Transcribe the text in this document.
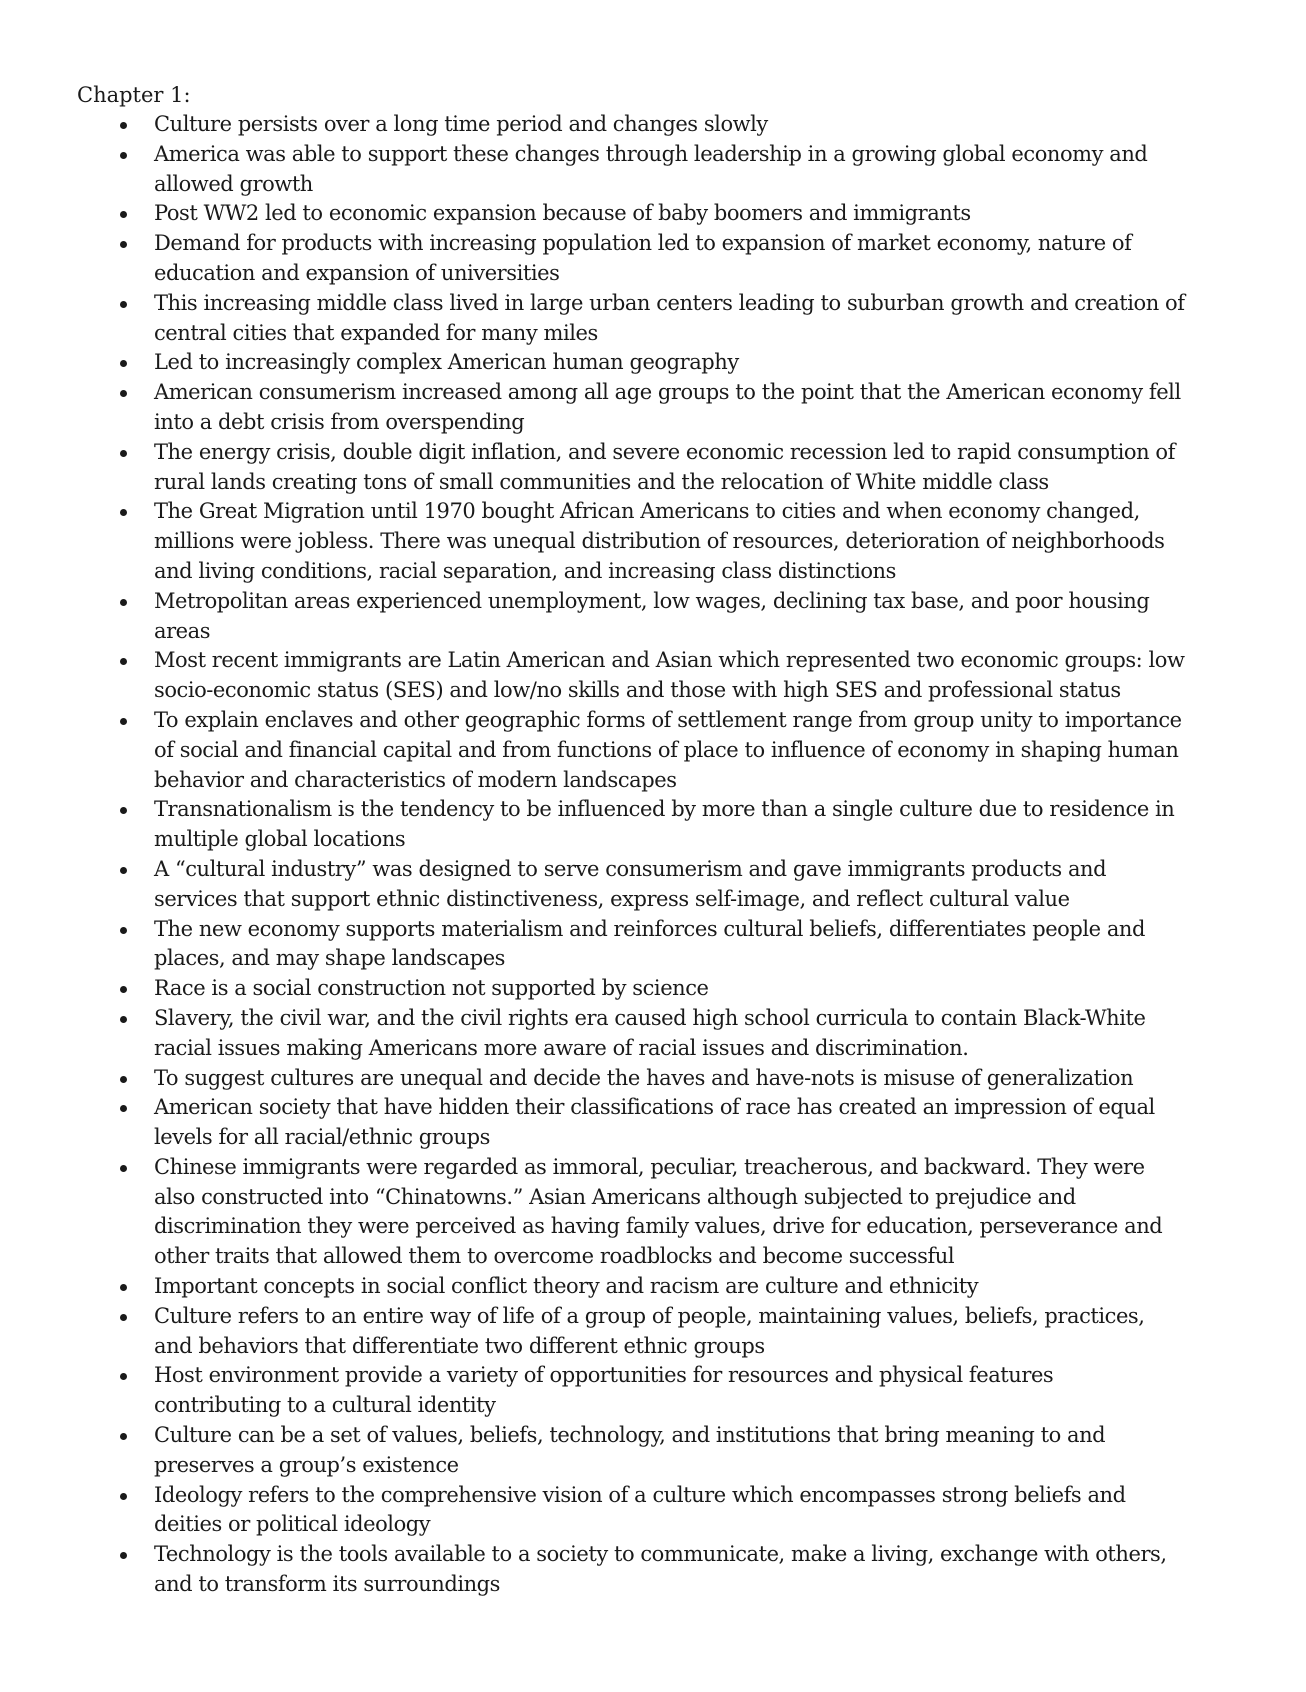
Chapter 1:
Culture persists over a long time period and changes slowly
America was able to support these changes through leadership in a growing global economy and allowed growth
Post WW2 led to economic expansion because of baby boomers and immigrants
Demand for products with increasing population led to expansion of market economy, nature of education and expansion of universities
This increasing middle class lived in large urban centers leading to suburban growth and creation of central cities that expanded for many miles
Led to increasingly complex American human geography
American consumerism increased among all age groups to the point that the American economy fell into a debt crisis from overspending
The energy crisis, double digit inflation, and severe economic recession led to rapid consumption of rural lands creating tons of small communities and the relocation of White middle class
The Great Migration until 1970 bought African Americans to cities and when economy changed, millions were jobless. There was unequal distribution of resources, deterioration of neighborhoods and living conditions, racial separation, and increasing class distinctions
Metropolitan areas experienced unemployment, low wages, declining tax base, and poor housing areas
Most recent immigrants are Latin American and Asian which represented two economic groups: low socio-economic status (SES) and low/no skills and those with high SES and professional status
To explain enclaves and other geographic forms of settlement range from group unity to importance of social and financial capital and from functions of place to influence of economy in shaping human behavior and characteristics of modern landscapes
Transnationalism is the tendency to be influenced by more than a single culture due to residence in multiple global locations
A “cultural industry” was designed to serve consumerism and gave immigrants products and services that support ethnic distinctiveness, express self-image, and reflect cultural value
The new economy supports materialism and reinforces cultural beliefs, differentiates people and places, and may shape landscapes
Race is a social construction not supported by science
Slavery, the civil war, and the civil rights era caused high school curricula to contain Black-White racial issues making Americans more aware of racial issues and discrimination.
To suggest cultures are unequal and decide the haves and have-nots is misuse of generalization
American society that have hidden their classifications of race has created an impression of equal levels for all racial/ethnic groups
Chinese immigrants were regarded as immoral, peculiar, treacherous, and backward. They were also constructed into “Chinatowns.” Asian Americans although subjected to prejudice and discrimination they were perceived as having family values, drive for education, perseverance and other traits that allowed them to overcome roadblocks and become successful
Important concepts in social conflict theory and racism are culture and ethnicity
Culture refers to an entire way of life of a group of people, maintaining values, beliefs, practices, and behaviors that differentiate two different ethnic groups
Host environment provide a variety of opportunities for resources and physical features contributing to a cultural identity
Culture can be a set of values, beliefs, technology, and institutions that bring meaning to and preserves a group’s existence
Ideology refers to the comprehensive vision of a culture which encompasses strong beliefs and deities or political ideology
Technology is the tools available to a society to communicate, make a living, exchange with others, and to transform its surroundings
